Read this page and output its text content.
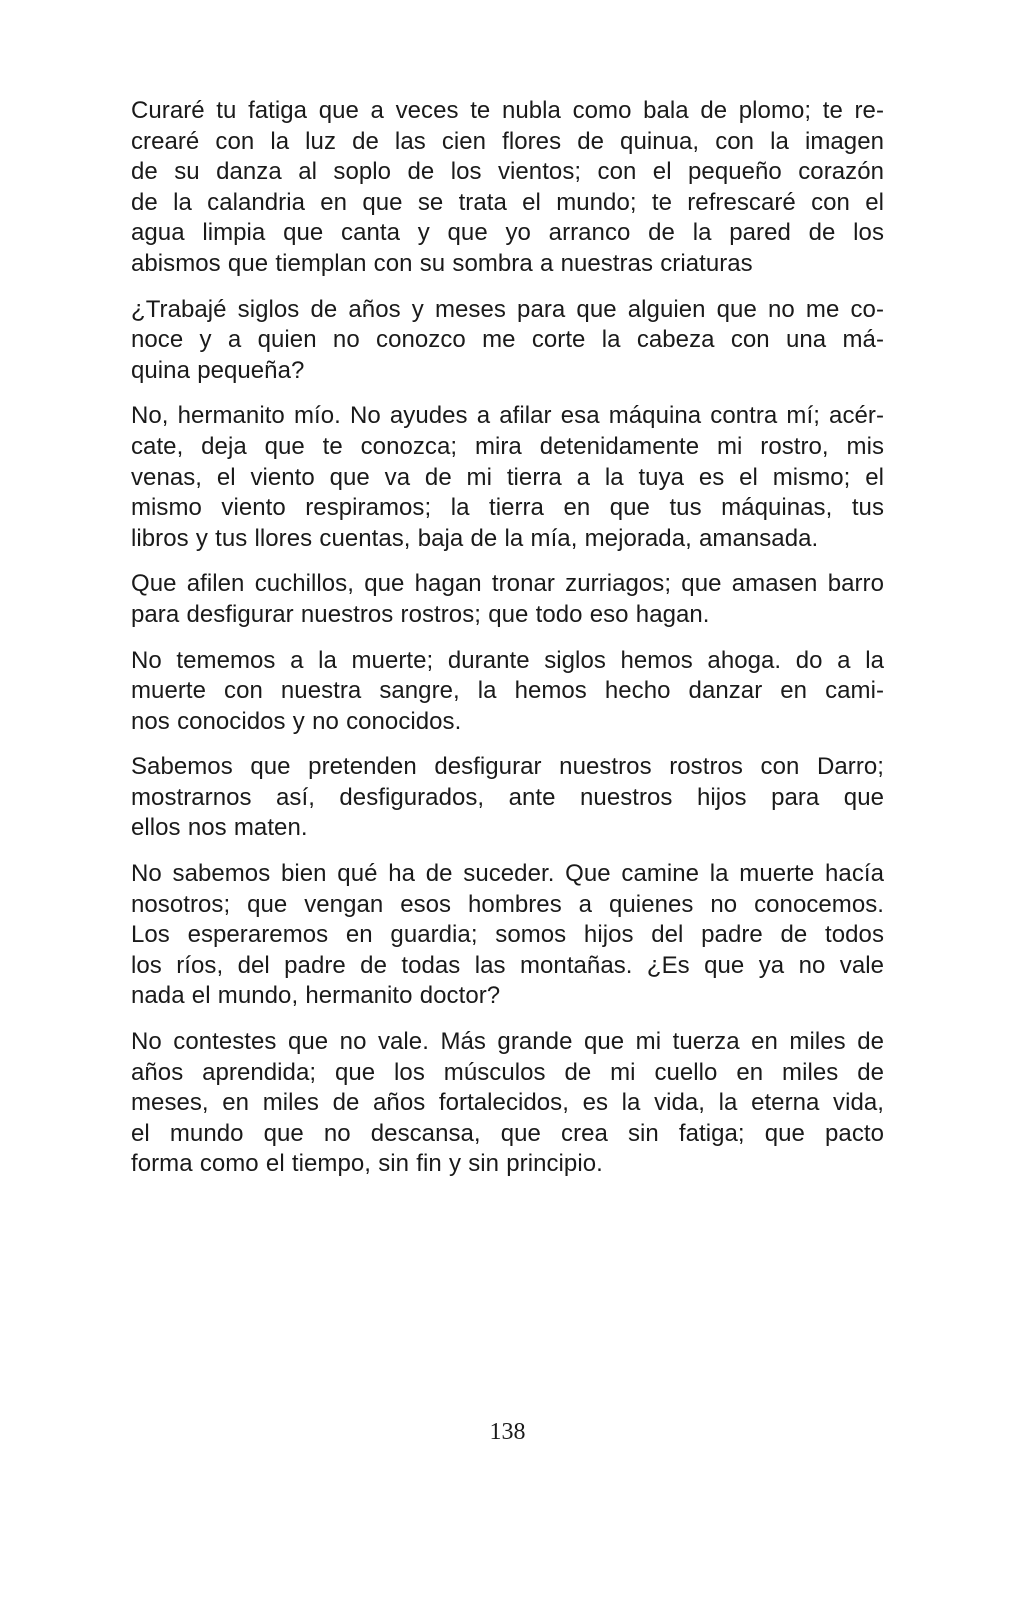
Curaré tu fatiga que a veces te nubla como bala de plomo; te re-
crearé con la luz de las cien flores de quinua, con la imagen
de su danza al soplo de los vientos; con el pequeño corazón
de la calandria en que se trata el mundo; te refrescaré con el
agua limpia que canta y que yo arranco de la pared de los
abismos que tiemplan con su sombra a nuestras criaturas

¿Trabajé siglos de años y meses para que alguien que no me co-
noce y a quien no conozco me corte la cabeza con una má-
quina pequeña?

No, hermanito mío. No ayudes a afilar esa máquina contra mí; acér-
cate, deja que te conozca; mira detenidamente mi rostro, mis
venas, el viento que va de mi tierra a la tuya es el mismo; el
mismo viento respiramos; la tierra en que tus máquinas, tus
libros y tus llores cuentas, baja de la mía, mejorada, amansada.

Que afilen cuchillos, que hagan tronar zurriagos; que amasen barro
para desfigurar nuestros rostros; que todo eso hagan.

No tememos a la muerte; durante siglos hemos ahoga. do a la
muerte con nuestra sangre, la hemos hecho danzar en cami-
nos conocidos y no conocidos.

Sabemos que pretenden desfigurar nuestros rostros con Darro;
mostrarnos así, desfigurados, ante nuestros hijos para que
ellos nos maten.

No sabemos bien qué ha de suceder. Que camine la muerte hacía
nosotros; que vengan esos hombres a quienes no conocemos.
Los esperaremos en guardia; somos hijos del padre de todos
los ríos, del padre de todas las montañas. ¿Es que ya no vale
nada el mundo, hermanito doctor?

No contestes que no vale. Más grande que mi tuerza en miles de
años aprendida; que los músculos de mi cuello en miles de
meses, en miles de años fortalecidos, es la vida, la eterna vida,
el mundo que no descansa, que crea sin fatiga; que pacto
forma como el tiempo, sin fin y sin principio.

138
